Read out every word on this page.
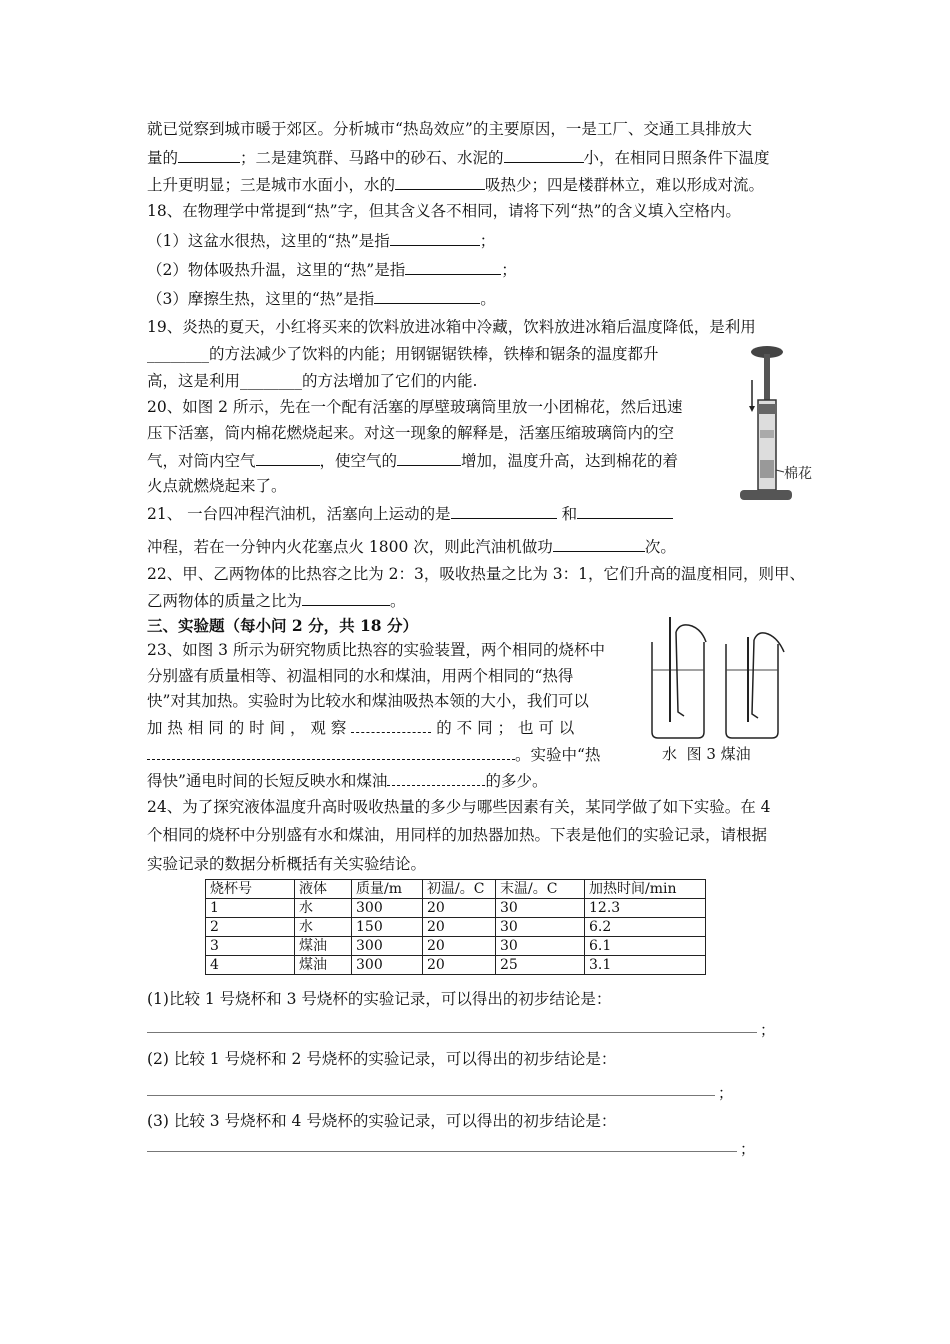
就已觉察到城市暖于郊区。分析城市“热岛效应”的主要原因，一是工厂、交通工具排放大
量的	；二是建筑群、马路中的砂石、水泥的	小，在相同日照条件下温度
上升更明显；三是城市水面小，水的	吸热少；四是楼群林立，难以形成对流。
18、在物理学中常提到“热”字，但其含义各不相同，请将下列“热”的含义填入空格内。
（1）这盆水很热，这里的“热”是指	；
（2）物体吸热升温，这里的“热”是指	；
（3）摩擦生热，这里的“热”是指	。
19、炎热的夏天，小红将买来的饮料放进冰箱中冷藏，饮料放进冰箱后温度降低，是利用
________的方法减少了饮料的内能；用钢锯锯铁棒，铁棒和锯条的温度都升
高，这是利用________的方法增加了它们的内能.
20、如图 2 所示，先在一个配有活塞的厚壁玻璃筒里放一小团棉花，然后迅速
压下活塞，筒内棉花燃烧起来。对这一现象的解释是，活塞压缩玻璃筒内的空
气，对筒内空气	，使空气的	增加，温度升高，达到棉花的着
火点就燃烧起来了。
棉花
21、 一台四冲程汽油机，活塞向上运动的是	和
冲程，若在一分钟内火花塞点火 1800 次，则此汽油机做功	次。
22、甲、乙两物体的比热容之比为 2：3，吸收热量之比为 3：1，它们升高的温度相同，则甲、
乙两物体的质量之比为	。
三、实验题（每小问 2 分，共 18 分）
23、如图 3 所示为研究物质比热容的实验装置，两个相同的烧杯中
分别盛有质量相等、初温相同的水和煤油，用两个相同的“热得
快”对其加热。实验时为比较水和煤油吸热本领的大小，我们可以
加 热 相 同 的 时 间 ， 观 察	的 不 同 ； 也 可 以
。实验中“热
得快”通电时间的长短反映水和煤油	的多少。
水 图 3 煤油
24、为了探究液体温度升高时吸收热量的多少与哪些因素有关，某同学做了如下实验。在 4
个相同的烧杯中分别盛有水和煤油，用同样的加热器加热。下表是他们的实验记录，请根据
实验记录的数据分析概括有关实验结论。
烧杯号	液体	质量/m	初温/。C	末温/。C	加热时间/min
1	水	300	20	30	12.3
2	水	150	20	30	6.2
3	煤油	300	20	30	6.1
4	煤油	300	20	25	3.1
(1)比较 1 号烧杯和 3 号烧杯的实验记录，可以得出的初步结论是：
；
(2) 比较 1 号烧杯和 2 号烧杯的实验记录，可以得出的初步结论是：
；
(3) 比较 3 号烧杯和 4 号烧杯的实验记录，可以得出的初步结论是：
；
